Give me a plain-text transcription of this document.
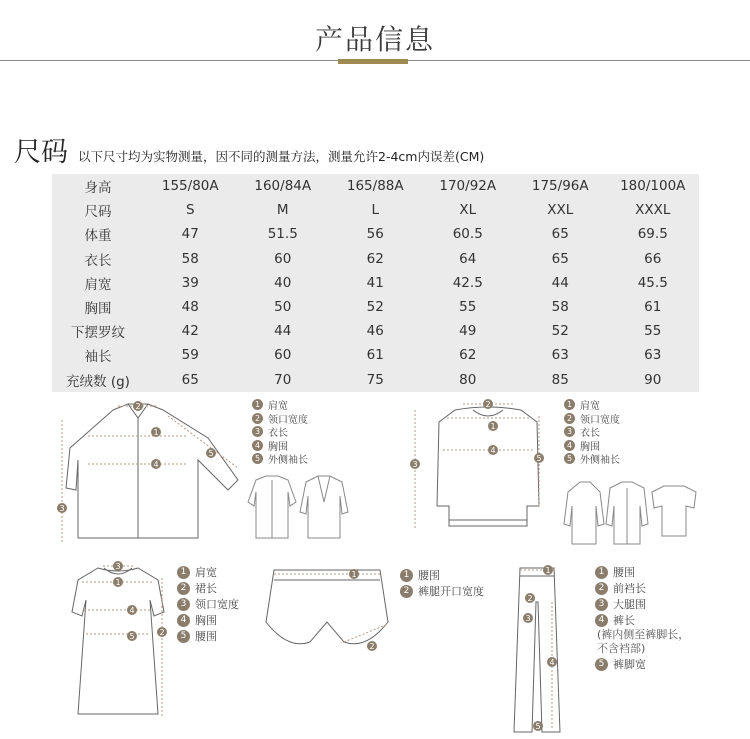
产品信息
尺码 以下尺寸均为实物测量，因不同的测量方法，测量允许2-4cm内误差(CM)
身高	155/80A	160/84A	165/88A	170/92A	175/96A	180/100A
尺码	S	M	L	XL	XXL	XXXL
体重	47	51.5	56	60.5	65	69.5
衣长	58	60	62	64	65	66
肩宽	39	40	41	42.5	44	45.5
胸围	48	50	52	55	58	61
下摆罗纹	42	44	46	49	52	55
袖长	59	60	61	62	63	63
充绒数 (g)	65	70	75	80	85	90
2
1
4
3
5
1 肩宽
2 领口宽度
3 衣长
4 胸围
5 外侧袖长
2
1
4
3
5
1 肩宽
2 领口宽度
3 衣长
4 胸围
5 外侧袖长
3
1
4
5	2
1 肩宽
2 裙长
3 领口宽度
4 胸围
5 腰围
1
2
1 腰围
2 裤腿开口宽度
1
2
3
4
5
1 腰围
2 前裆长
3 大腿围
4 裤长
(裤内侧至裤脚长，
不含裆部)
5 裤脚宽
